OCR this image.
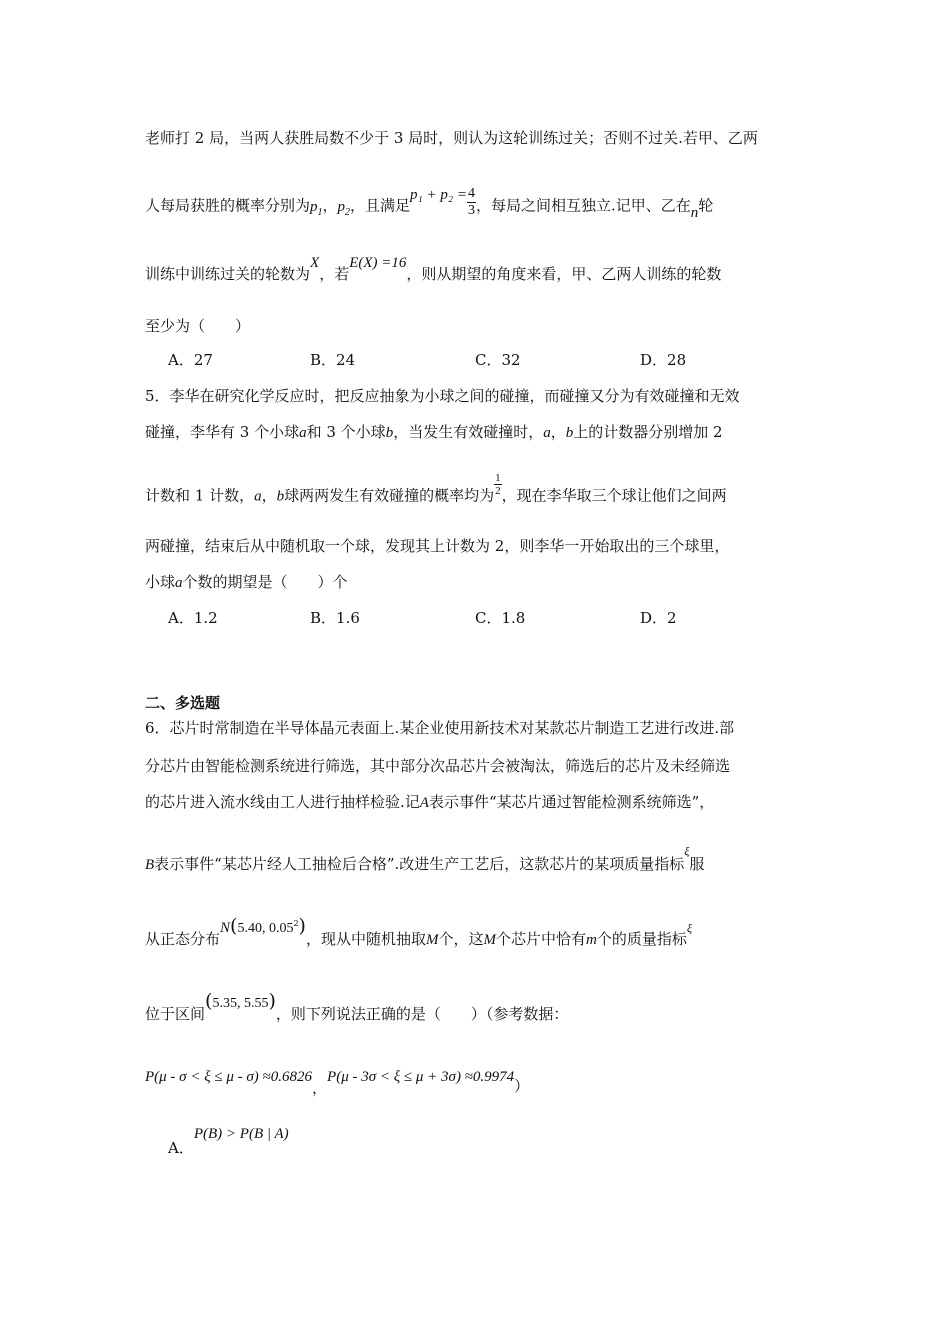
老师打 2 局，当两人获胜局数不少于 3 局时，则认为这轮训练过关；否则不过关.若甲、乙两
人每局获胜的概率分别为$p_1$，$p_2$，且满足$p_1 + p_2 = \frac{4}{3}$ ，每局之间相互独立.记甲、乙在n轮
训练中训练过关的轮数为X，若E(X) =16，则从期望的角度来看，甲、乙两人训练的轮数
至少为（　　）
A．27	B．24	C．32	D．28
5．李华在研究化学反应时，把反应抽象为小球之间的碰撞，而碰撞又分为有效碰撞和无效
碰撞，李华有 3 个小球a和 3 个小球b，当发生有效碰撞时，a，b上的计数器分别增加 2
计数和 1 计数，a，b球两两发生有效碰撞的概率均为 $\frac{1}{2}$ ，现在李华取三个球让他们之间两
两碰撞，结束后从中随机取一个球，发现其上计数为 2，则李华一开始取出的三个球里，
小球a个数的期望是（　　）个
A．1.2	B．1.6	C．1.8	D．2
二、多选题
6．芯片时常制造在半导体晶元表面上.某企业使用新技术对某款芯片制造工艺进行改进.部
分芯片由智能检测系统进行筛选，其中部分次品芯片会被淘汰，筛选后的芯片及未经筛选
的芯片进入流水线由工人进行抽样检验.记A表示事件“某芯片通过智能检测系统筛选”，
B表示事件“某芯片经人工抽检后合格”.改进生产工艺后，这款芯片的某项质量指标$^\xi$服
从正态分布N(5.40, 0.05$^2$)，现从中随机抽取M个，这M个芯片中恰有m个的质量指标$^\xi$
位于区间(5.35, 5.55)，则下列说法正确的是（　　）（参考数据：
P(μ - σ < ξ ≤ μ - σ) ≈0.6826，P(μ - 3σ < ξ ≤ μ + 3σ) ≈0.9974）
A．P(B) > P(B | A)
